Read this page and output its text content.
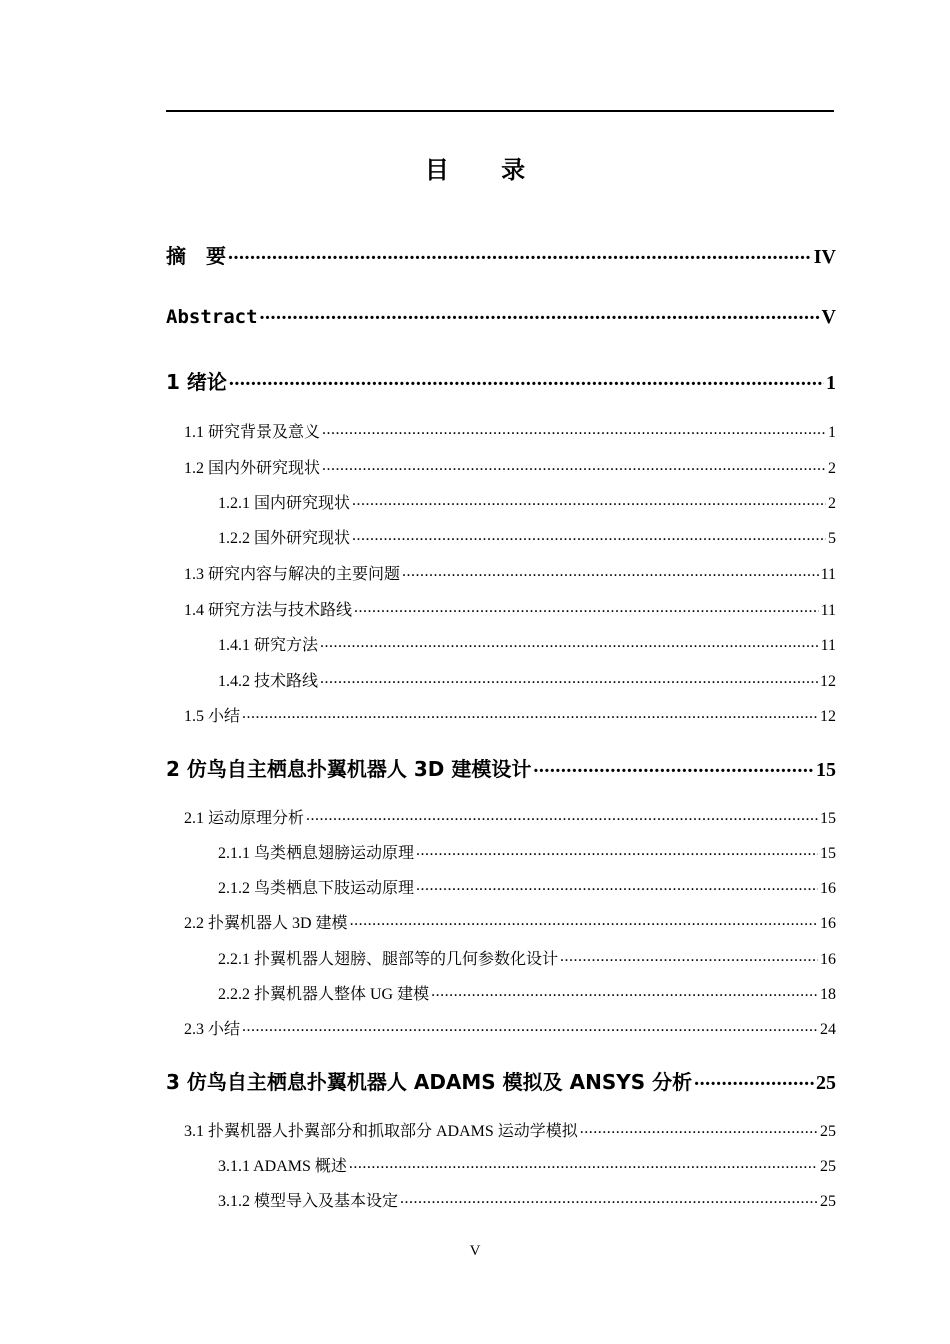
目 录
摘　要 .....	IV
Abstract .....	V
1 绪论 .....	1
1.1 研究背景及意义 .....	1
1.2 国内外研究现状 .....	2
1.2.1 国内研究现状 .....	2
1.2.2 国外研究现状 .....	5
1.3 研究内容与解决的主要问题 .....	11
1.4 研究方法与技术路线 .....	11
1.4.1 研究方法 .....	11
1.4.2 技术路线 .....	12
1.5 小结 .....	12
2 仿鸟自主栖息扑翼机器人 3D 建模设计 .....	15
2.1 运动原理分析 .....	15
2.1.1 鸟类栖息翅膀运动原理 .....	15
2.1.2 鸟类栖息下肢运动原理 .....	16
2.2 扑翼机器人 3D 建模 .....	16
2.2.1 扑翼机器人翅膀、腿部等的几何参数化设计 .....	16
2.2.2 扑翼机器人整体 UG 建模 .....	18
2.3 小结 .....	24
3 仿鸟自主栖息扑翼机器人 ADAMS 模拟及 ANSYS 分析 .....	25
3.1 扑翼机器人扑翼部分和抓取部分 ADAMS 运动学模拟 .....	25
3.1.1 ADAMS 概述 .....	25
3.1.2 模型导入及基本设定 .....	25
V
